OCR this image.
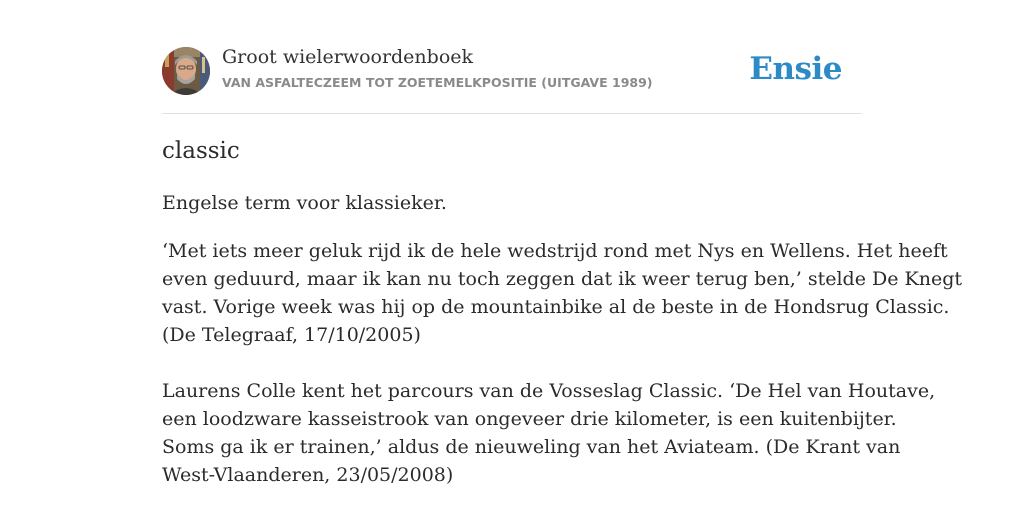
Groot wielerwoordenboek
VAN ASFALTECZEEM TOT ZOETEMELKPOSITIE (UITGAVE 1989)	Ensie
classic
Engelse term voor klassieker.
‘Met iets meer geluk rijd ik de hele wedstrijd rond met Nys en Wellens. Het heeft
even geduurd, maar ik kan nu toch zeggen dat ik weer terug ben,’ stelde De Knegt
vast. Vorige week was hij op de mountainbike al de beste in de Hondsrug Classic.
(De Telegraaf, 17/10/2005)
Laurens Colle kent het parcours van de Vosseslag Classic. ‘De Hel van Houtave,
een loodzware kasseistrook van ongeveer drie kilometer, is een kuitenbijter.
Soms ga ik er trainen,’ aldus de nieuweling van het Aviateam. (De Krant van
West-Vlaanderen, 23/05/2008)
